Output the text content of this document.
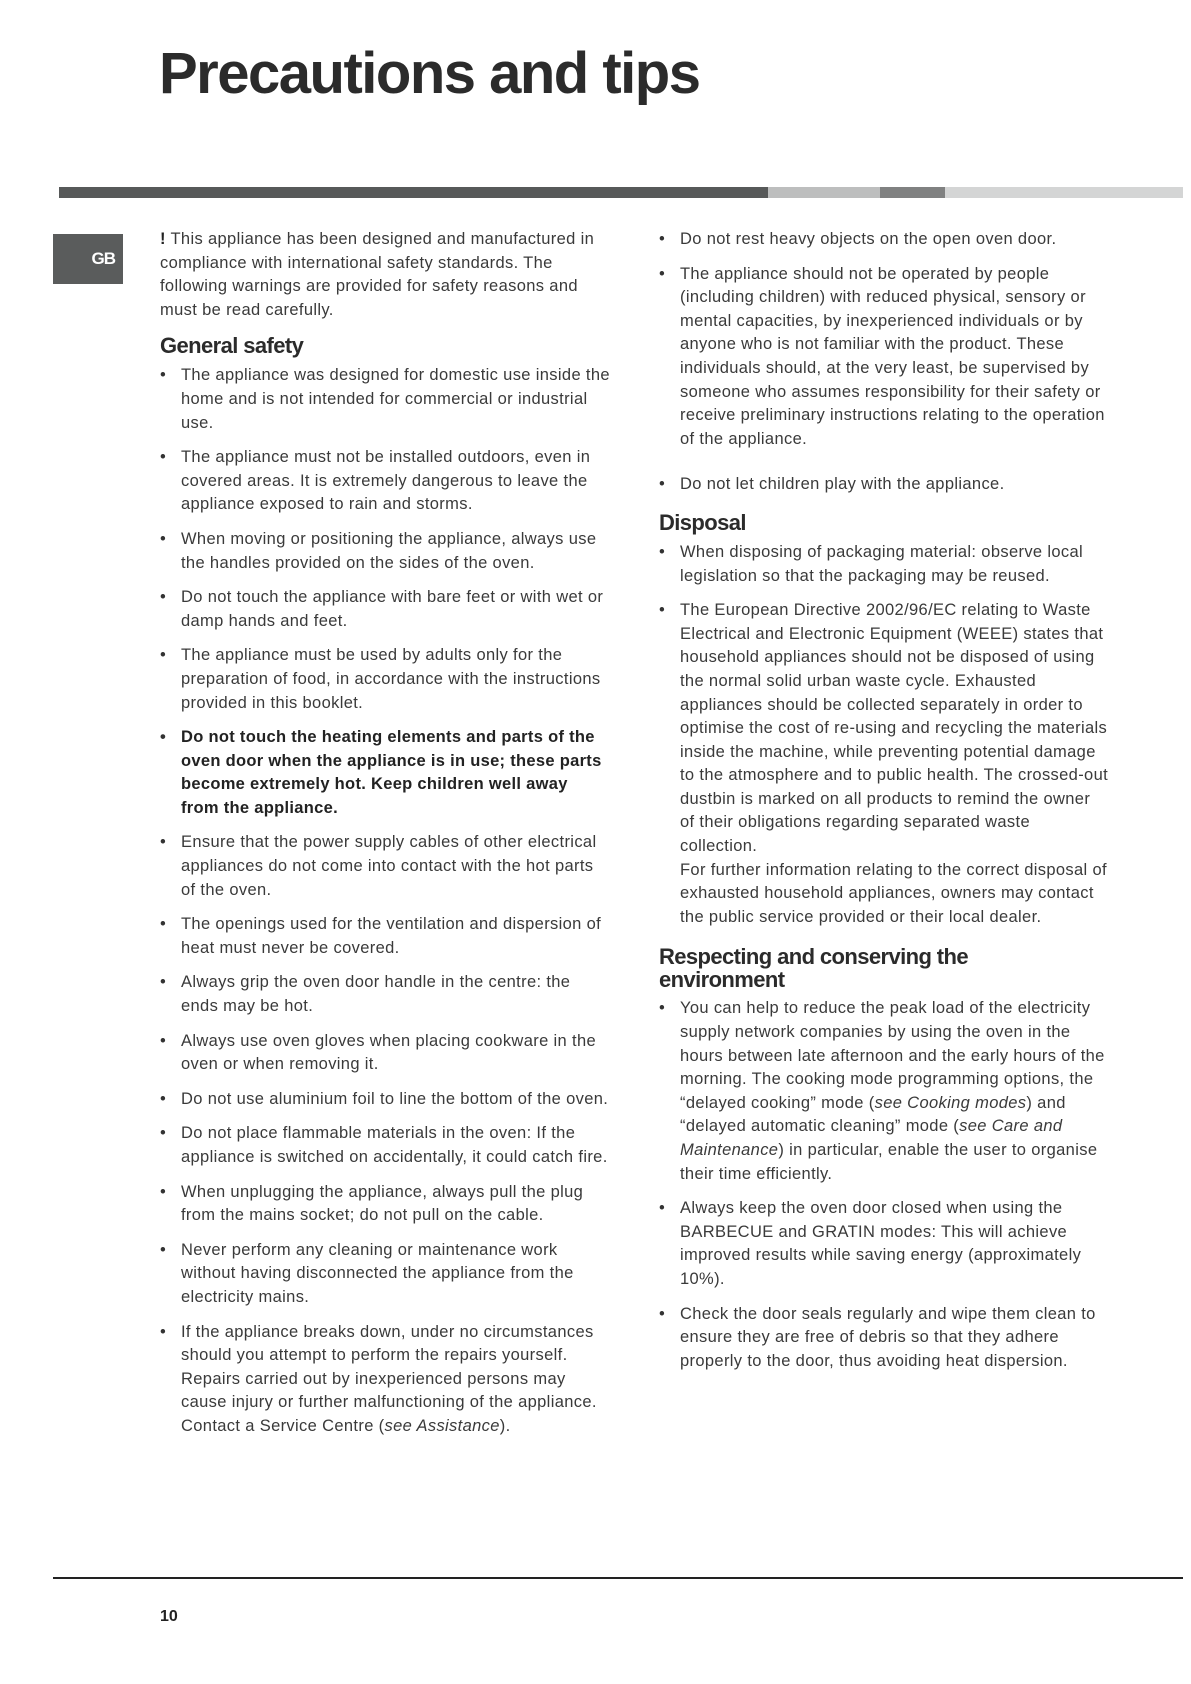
Precautions and tips
GB

! This appliance has been designed and manufactured in compliance with international safety standards. The following warnings are provided for safety reasons and must be read carefully.

General safety
• The appliance was designed for domestic use inside the home and is not intended for commercial or industrial use.
• The appliance must not be installed outdoors, even in covered areas. It is extremely dangerous to leave the appliance exposed to rain and storms.
• When moving or positioning the appliance, always use the handles provided on the sides of the oven.
• Do not touch the appliance with bare feet or with wet or damp hands and feet.
• The appliance must be used by adults only for the preparation of food, in accordance with the instructions provided in this booklet.
• Do not touch the heating elements and parts of the oven door when the appliance is in use; these parts become extremely hot. Keep children well away from the appliance.
• Ensure that the power supply cables of other electrical appliances do not come into contact with the hot parts of the oven.
• The openings used for the ventilation and dispersion of heat must never be covered.
• Always grip the oven door handle in the centre: the ends may be hot.
• Always use oven gloves when placing cookware in the oven or when removing it.
• Do not use aluminium foil to line the bottom of the oven.
• Do not place flammable materials in the oven: If the appliance is switched on accidentally, it could catch fire.
• When unplugging the appliance, always pull the plug from the mains socket; do not pull on the cable.
• Never perform any cleaning or maintenance work without having disconnected the appliance from the electricity mains.
• If the appliance breaks down, under no circumstances should you attempt to perform the repairs yourself. Repairs carried out by inexperienced persons may cause injury or further malfunctioning of the appliance. Contact a Service Centre (see Assistance).
• Do not rest heavy objects on the open oven door.
• The appliance should not be operated by people (including children) with reduced physical, sensory or mental capacities, by inexperienced individuals or by anyone who is not familiar with the product. These individuals should, at the very least, be supervised by someone who assumes responsibility for their safety or receive preliminary instructions relating to the operation of the appliance.
• Do not let children play with the appliance.
Disposal
• When disposing of packaging material: observe local legislation so that the packaging may be reused.
• The European Directive 2002/96/EC relating to Waste Electrical and Electronic Equipment (WEEE) states that household appliances should not be disposed of using the normal solid urban waste cycle. Exhausted appliances should be collected separately in order to optimise the cost of re-using and recycling the materials inside the machine, while preventing potential damage to the atmosphere and to public health. The crossed-out dustbin is marked on all products to remind the owner of their obligations regarding separated waste collection.
For further information relating to the correct disposal of exhausted household appliances, owners may contact the public service provided or their local dealer.
Respecting and conserving the environment
• You can help to reduce the peak load of the electricity supply network companies by using the oven in the hours between late afternoon and the early hours of the morning. The cooking mode programming options, the “delayed cooking” mode (see Cooking modes) and “delayed automatic cleaning” mode (see Care and Maintenance) in particular, enable the user to organise their time efficiently.
• Always keep the oven door closed when using the BARBECUE and GRATIN modes: This will achieve improved results while saving energy (approximately 10%).
• Check the door seals regularly and wipe them clean to ensure they are free of debris so that they adhere properly to the door, thus avoiding heat dispersion.
10
